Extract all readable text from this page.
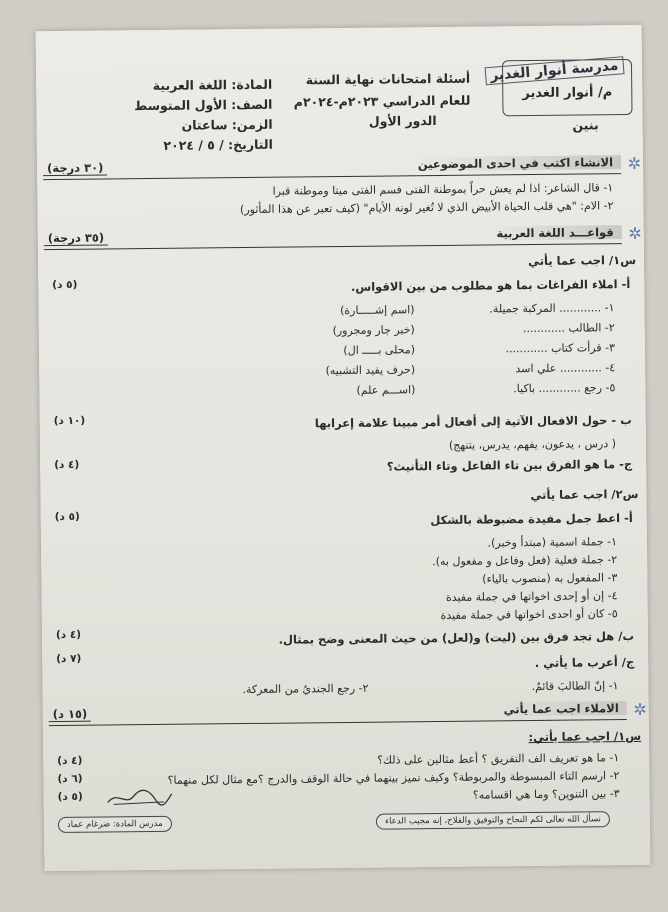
مدرسة أنوار الغدير
م/ أنوار الغدير
بنين
أسئلة امتحانات نهاية السنة
للعام الدراسي ٢٠٢٣م-٢٠٢٤م
الدور الأول
المادة: اللغة العربية
الصف: الأول المتوسط
الزمن: ساعتان
التاريخ: / ٥ / ٢٠٢٤
✲
الانشاء اكتب في احدى الموضوعين
(٣٠ درجة)
١- قال الشاعر: اذا لم يعش حراً بموطنة الفتى فسم الفتى ميتا وموطنة قبرا
٢- الام: "هي قلب الحياة الأبيض الذي لا تُغير لونه الأيام" (كيف تعبر عن هذا المأثور)
✲
قواعـــد اللغة العربية
(٣٥ درجة)
س١/ اجب عما يأتي
(٥ د)	أ- املاء الفراغات بما هو مطلوب من بين الاقواس.
١- ............ المركبة جميلة.
(اسم إشـــــارة)
٢- الطالب ............
(خبر جار ومجرور)
٣- قرأت كتاب ............
(محلى بـــــ ال)
٤- ............ علي اسد
(حرف يفيد التشبيه)
٥- رجع ............ باكيا.
(اســـم علم)
(١٠ د)	ب - حول الافعال الآتية إلى أفعال أمر مبينا علامة إعرابها
( درس ، يدعون، يفهم، يدرس، يتنهج)
(٤ د)	ج- ما هو الفرق بين تاء الفاعل وتاء التأنيث؟
س٢/ اجب عما يأتي
(٥ د)	أ- اعط جمل مفيدة مضبوطة بالشكل
١- جملة اسمية (مبتدأ وخبر).
٢- جملة فعلية (فعل وفاعل و مفعول به).
٣- المفعول به (منصوب بالياء)
٤- إن أو إحدى اخواتها في جملة مفيدة
٥- كان أو احدى اخواتها في جملة مفيدة
(٤ د)	ب/ هل تجد فرق بين (ليت) و(لعل) من حيث المعنى وضح بمثال.
(٧ د)	ج/ أعرب ما يأتي .
١- إنّ الطالبَ قائمٌ.
٢- رجع الجنديُ من المعركة.
✲
الاملاء اجب عما يأتي
(١٥ د)
س١/ اجب عما يأتي:
١- ما هو تعريف الف التفريق ؟ أعط مثالين على ذلك؟
(٤ د)
٢- ارسم التاء المبسوطة والمربوطة؟ وكيف تميز بينهما في حالة الوقف والدرج ؟مع مثال لكل منهما؟
(٦ د)
٣- بين التنوين؟ وما هي اقسامه؟
(٥ د)
نسأل الله تعالى لكم النجاح والتوفيق والفلاح، إنه مجيب الدعاء
مدرس المادة: ضرغام عماد
